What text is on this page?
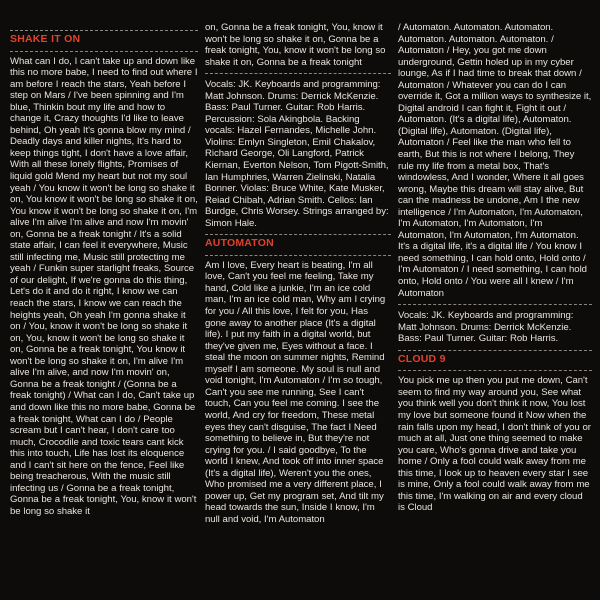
SHAKE IT ON

What can I do, I can't take up and down like this no more babe, I need to find out where I am before I reach the stars, Yeah before I step on Mars / I've been spinning and I'm blue, Thinkin bout my life and how to change it, Crazy thoughts I'd like to leave behind, Oh yeah It's gonna blow my mind / Deadly days and killer nights, It's hard to keep things tight, I don't have a love affair, With all these lonely flights, Promises of liquid gold Mend my heart but not my soul yeah / You know it won't be long so shake it on, You know it won't be long so shake it on, You know it won't be long so shake it on, I'm alive I'm alive I'm alive and now I'm movin' on, Gonna be a freak tonight / It's a solid state affair, I can feel it everywhere, Music still infecting me, Music still protecting me yeah / Funkin super starlight freaks, Source of our delight, If we're gonna do this thing, Let's do it and do it right, I know we can reach the stars, I know we can reach the heights yeah, Oh yeah I'm gonna shake it on / You, know it won't be long so shake it on, You, know it won't be long so shake it on, Gonna be a freak tonight, You know it won't be long so shake it on, I'm alive I'm alive I'm alive, and now I'm movin' on, Gonna be a freak tonight / (Gonna be a freak tonight) / What can I do, Can't take up and down like this no more babe, Gonna be a freak tonight, What can I do / People scream but I can't hear, I don't care too much, Crocodile and toxic tears cant kick this into touch, Life has lost its eloquence and I can't sit here on the fence, Feel like being treacherous, With the music still infecting us / Gonna be a freak tonight, Gonna be a freak tonight, You, know it won't be long so shake it

on, Gonna be a freak tonight, You, know it won't be long so shake it on, Gonna be a freak tonight, You, know it won't be long so shake it on, Gonna be a freak tonight

Vocals: JK. Keyboards and programming: Matt Johnson. Drums: Derrick McKenzie. Bass: Paul Turner. Guitar: Rob Harris. Percussion: Sola Akingbola. Backing vocals: Hazel Fernandes, Michelle John. Violins: Emlyn Singleton, Emil Chakalov, Richard George, Oli Langford, Patrick Kiernan, Everton Nelson, Tom Pigott-Smith, Ian Humphries, Warren Zielinski, Natalia Bonner. Violas: Bruce White, Kate Musker, Reiad Chibah, Adrian Smith. Cellos: Ian Burdge, Chris Worsey. Strings arranged by: Simon Hale.

AUTOMATON

Am I love, Every heart is beating, I'm all love, Can't you feel me feeling, Take my hand, Cold like a junkie, I'm an ice cold man, I'm an ice cold man, Why am I crying for you / All this love, I felt for you, Has gone away to another place (It's a digital life). I put my faith in a digital world, but they've given me, Eyes without a face. I steal the moon on summer nights, Remind myself I am someone. My soul is null and void tonight, I'm Automaton / I'm so tough, Can't you see me running, See I can't touch, Can you feel me coming. I see the world, And cry for freedom, These metal eyes they can't disguise, The fact I Need something to believe in, But they're not crying for you. / I said goodbye, To the world I knew, And took off into inner space (It's a digital life), Weren't you the ones, Who promised me a very different place, I power up, Get my program set, And tilt my head towards the sun, Inside I know, I'm null and void, I'm Automaton

/ Automaton. Automaton. Automaton. Automaton. Automaton. Automaton. / Automaton / Hey, you got me down underground, Gettin holed up in my cyber lounge, As if I had time to break that down / Automaton / Whatever you can do I can override it, Got a million ways to synthesize it, Digital android I can fight it, Fight it out / Automaton. (It's a digital life), Automaton. (Digital life), Automaton. (Digital life), Automaton / Feel like the man who fell to earth, But this is not where I belong, They rule my life from a metal box, That's windowless, And I wonder, Where it all goes wrong, Maybe this dream will stay alive, But can the madness be undone, Am I the new intelligence / I'm Automaton, I'm Automaton, I'm Automaton, I'm Automaton, I'm Automaton, I'm Automaton, I'm Automaton. It's a digital life, it's a digital life / You know I need something, I can hold onto, Hold onto / I'm Automaton / I need something, I can hold onto, Hold onto / You were all I knew / I'm Automaton

Vocals: JK. Keyboards and programming: Matt Johnson. Drums: Derrick McKenzie. Bass: Paul Turner. Guitar: Rob Harris.

CLOUD 9

You pick me up then you put me down, Can't seem to find my way around you, See what you think well you don't think it now, You lost my love but someone found it Now when the rain falls upon my head, I don't think of you or much at all, Just one thing seemed to make you care, Who's gonna drive and take you home / Only a fool could walk away from me this time, I look up to heaven every star I see is mine, Only a fool could walk away from me this time, I'm walking on air and every cloud is Cloud
